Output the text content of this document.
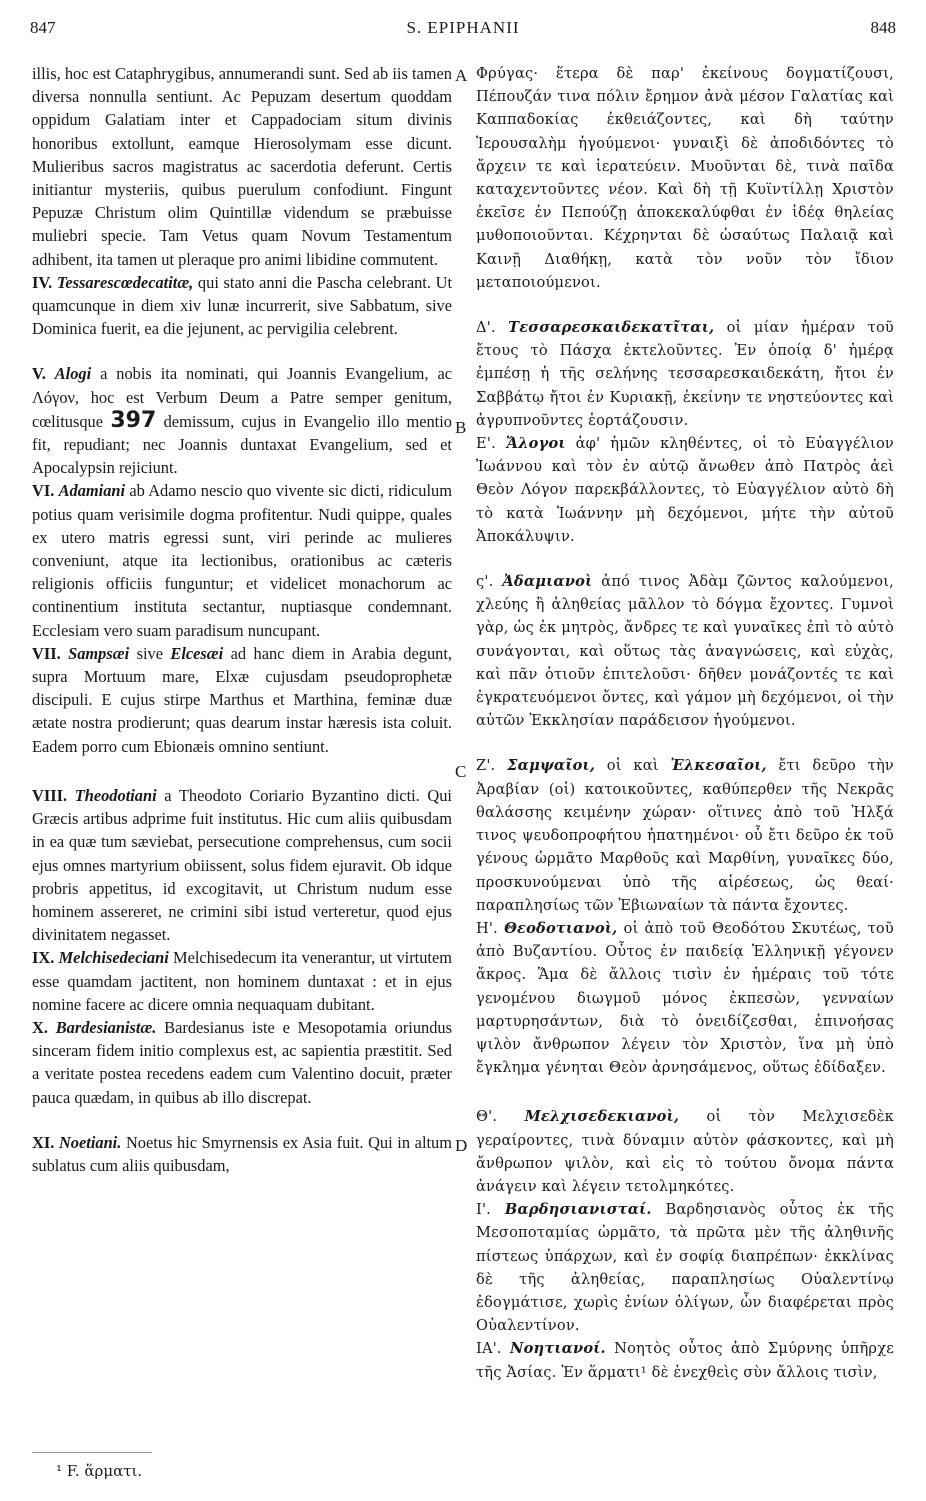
847	S. EPIPHANII	848

illis, hoc est Cataphrygibus, annumerandi sunt. Sed ab iis tamen diversa nonnulla sentiunt. Ac Pepuzam desertum quoddam oppidum Galatiam inter et Cappadociam situm divinis honoribus extollunt, eamque Hierosolymam esse dicunt. Mulieribus sacros magistratus ac sacerdotia deferunt. Certis initiantur mysteriis, quibus puerulum confodiunt. Fingunt Pepuzæ Christum olim Quintillæ videndum se præbuisse muliebri specie. Tam Vetus quam Novum Testamentum adhibent, ita tamen ut pleraque pro animi libidine commutent.

IV. Tessarescœdecatitæ, qui stato anni die Pascha celebrant. Ut quamcunque in diem xiv lunæ incurrerit, sive Sabbatum, sive Dominica fuerit, ea die jejunent, ac pervigilia celebrent.

V. Alogi a nobis ita nominati, qui Joannis Evangelium, ac Λόγον, hoc est Verbum Deum a Patre semper genitum, cœlitusque 397 demissum, cujus in Evangelio illo mentio fit, repudiant; nec Joannis duntaxat Evangelium, sed et Apocalypsin rejiciunt.

VI. Adamiani ab Adamo nescio quo vivente sic dicti, ridiculum potius quam verisimile dogma profitentur. Nudi quippe, quales ex utero matris egressi sunt, viri perinde ac mulieres conveniunt, atque ita lectionibus, orationibus ac cæteris religionis officiis funguntur; et videlicet monachorum ac continentium instituta sectantur, nuptiasque condemnant. Ecclesiam vero suam paradisum nuncupant.

VII. Sampsæi sive Elcesæi ad hanc diem in Arabia degunt, supra Mortuum mare, Elxæ cujusdam pseudoprophetæ discipuli. E cujus stirpe Marthus et Marthina, feminæ duæ ætate nostra prodierunt; quas dearum instar hæresis ista coluit. Eadem porro cum Ebionæis omnino sentiunt.

VIII. Theodotiani a Theodoto Coriario Byzantino dicti. Qui Græcis artibus adprime fuit institutus. Hic cum aliis quibusdam in ea quæ tum sæviebat, persecutione comprehensus, cum socii ejus omnes martyrium obiissent, solus fidem ejuravit. Ob idque probris appetitus, id excogitavit, ut Christum nudum esse hominem assereret, ne crimini sibi istud verteretur, quod ejus divinitatem negasset.

IX. Melchisedeciani Melchisedecum ita venerantur, ut virtutem esse quamdam jactitent, non hominem duntaxat : et in ejus nomine facere ac dicere omnia nequaquam dubitant.

X. Bardesianistæ. Bardesianus iste e Mesopotamia oriundus sinceram fidem initio complexus est, ac sapientia præstitit. Sed a veritate postea recedens eadem cum Valentino docuit, præter pauca quædam, in quibus ab illo discrepat.

XI. Noetiani. Noetus hic Smyrnensis ex Asia fuit. Qui in altum sublatus cum aliis quibusdam,

Φρύγας· ἕτερα δὲ παρ' ἐκείνους δογματίζουσι, Πέπουζάν τινα πόλιν ἔρημον ἀνὰ μέσον Γαλατίας καὶ Καππαδοκίας ἐκθειάζοντες, καὶ δὴ ταύτην Ἱερουσαλὴμ ἡγούμενοι· γυναιξὶ δὲ ἀποδιδόντες τὸ ἄρχειν τε καὶ ἱερατεύειν. Μυοῦνται δὲ, τινὰ παῖδα καταχεντοῦντες νέον. Καὶ δὴ τῇ Κυϊντίλλῃ Χριστὸν ἐκεῖσε ἐν Πεπούζῃ ἀποκεκαλύφθαι ἐν ἰδέᾳ θηλείας μυθοποιοῦνται. Κέχρηνται δὲ ὡσαύτως Παλαιᾷ καὶ Καινῇ Διαθήκῃ, κατὰ τὸν νοῦν τὸν ἴδιον μεταποιούμενοι.

Δ'. Τεσσαρεσκαιδεκατῖται, οἱ μίαν ἡμέραν τοῦ ἔτους τὸ Πάσχα ἐκτελοῦντες. Ἐν ὁποίᾳ δ' ἡμέρᾳ ἐμπέσῃ ἡ τῆς σελήνης τεσσαρεσκαιδεκάτη, ἤτοι ἐν Σαββάτῳ ἤτοι ἐν Κυριακῇ, ἐκείνην τε νηστεύοντες καὶ ἀγρυπνοῦντες ἑορτάζουσιν.

Ε'. Ἄλογοι ἀφ' ἡμῶν κληθέντες, οἱ τὸ Εὐαγγέλιον Ἰωάννου καὶ τὸν ἐν αὐτῷ ἄνωθεν ἀπὸ Πατρὸς ἀεὶ Θεὸν Λόγον παρεκβάλλοντες, τὸ Εὐαγγέλιον αὐτὸ δὴ τὸ κατὰ Ἰωάννην μὴ δεχόμενοι, μήτε τὴν αὐτοῦ Ἀποκάλυψιν.

ς'. Ἀδαμιανοὶ ἀπό τινος Ἀδὰμ ζῶντος καλούμενοι, χλεύης ἢ ἀληθείας μᾶλλον τὸ δόγμα ἔχοντες. Γυμνοὶ γὰρ, ὡς ἐκ μητρὸς, ἄνδρες τε καὶ γυναῖκες ἐπὶ τὸ αὐτὸ συνάγονται, καὶ οὕτως τὰς ἀναγνώσεις, καὶ εὐχὰς, καὶ πᾶν ὁτιοῦν ἐπιτελοῦσι· δῆθεν μονάζοντές τε καὶ ἐγκρατευόμενοι ὄντες, καὶ γάμον μὴ δεχόμενοι, οἱ τὴν αὐτῶν Ἐκκλησίαν παράδεισον ἡγούμενοι.

Ζ'. Σαμψαῖοι, οἱ καὶ Ἐλκεσαῖοι, ἔτι δεῦρο τὴν Ἀραβίαν (οἱ) κατοικοῦντες, καθύπερθεν τῆς Νεκρᾶς θαλάσσης κειμένην χώραν· οἵτινες ἀπὸ τοῦ Ἠλξά τινος ψευδοπροφήτου ἠπατημένοι· οὗ ἔτι δεῦρο ἐκ τοῦ γένους ὡρμᾶτο Μαρθοῦς καὶ Μαρθίνη, γυναῖκες δύο, προσκυνούμεναι ὑπὸ τῆς αἱρέσεως, ὡς θεαί· παραπλησίως τῶν Ἐβιωναίων τὰ πάντα ἔχοντες.

Η'. Θεοδοτιανοὶ, οἱ ἀπὸ τοῦ Θεοδότου Σκυτέως, τοῦ ἀπὸ Βυζαντίου. Οὗτος ἐν παιδείᾳ Ἑλληνικῇ γέγονεν ἄκρος. Ἅμα δὲ ἄλλοις τισὶν ἐν ἡμέραις τοῦ τότε γενομένου διωγμοῦ μόνος ἐκπεσὼν, γενναίων μαρτυρησάντων, διὰ τὸ ὀνειδίζεσθαι, ἐπινοήσας ψιλὸν ἄνθρωπον λέγειν τὸν Χριστὸν, ἵνα μὴ ὑπὸ ἔγκλημα γένηται Θεὸν ἀρνησάμενος, οὕτως ἐδίδαξεν.

Θ'. Μελχισεδεκιανοὶ, οἱ τὸν Μελχισεδὲκ γεραίροντες, τινὰ δύναμιν αὐτὸν φάσκοντες, καὶ μὴ ἄνθρωπον ψιλὸν, καὶ εἰς τὸ τούτου ὄνομα πάντα ἀνάγειν καὶ λέγειν τετολμηκότες.

Ι'. Βαρδησιανισταί. Βαρδησιανὸς οὗτος ἐκ τῆς Μεσοποταμίας ὡρμᾶτο, τὰ πρῶτα μὲν τῆς ἀληθινῆς πίστεως ὑπάρχων, καὶ ἐν σοφίᾳ διαπρέπων· ἐκκλίνας δὲ τῆς ἀληθείας, παραπλησίως Οὐαλεντίνῳ ἐδογμάτισε, χωρὶς ἐνίων ὀλίγων, ὧν διαφέρεται πρὸς Οὐαλεντίνον.

ΙΑ'. Νοητιανοί. Νοητὸς οὗτος ἀπὸ Σμύρνης ὑπῆρχε τῆς Ἀσίας. Ἐν ἅρματι¹ δὲ ἐνεχθεὶς σὺν ἄλλοις τισὶν,

A
B
C
D
¹ F. ἅρματι.
